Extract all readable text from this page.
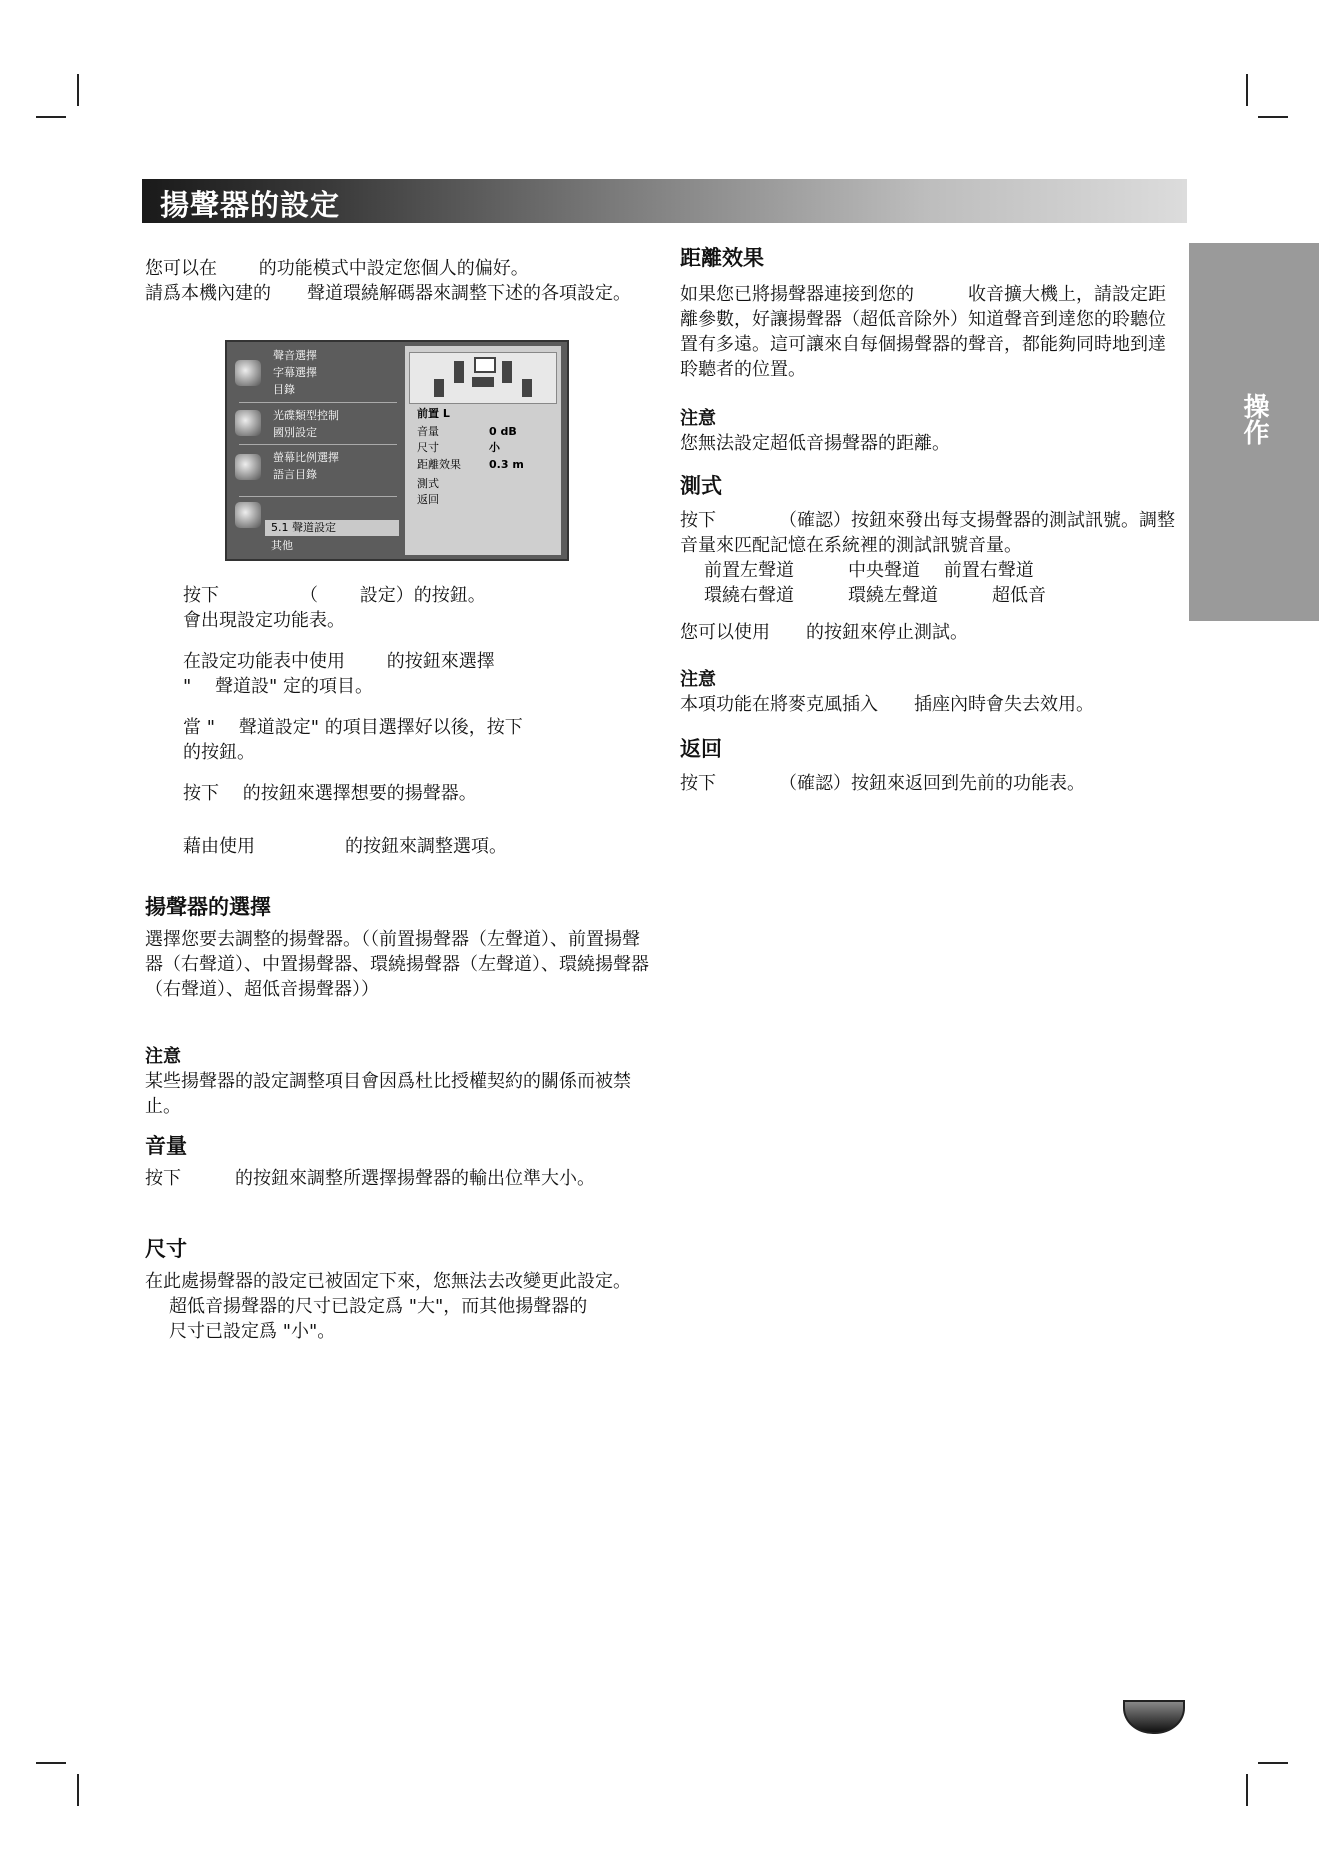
揚聲器的設定
操作

您可以在　　 的功能模式中設定您個人的偏好。

請爲本機內建的　　聲道環繞解碼器來調整下述的各項設定。

聲音選擇
字幕選擇
目錄
光碟類型控制
國別設定
螢幕比例選擇
語言目錄
5.1 聲道設定
其他
前置 L
音量	0 dB
尺寸	小
距離效果	0.3 m
測式
返回

按下　　　　　（　　 設定）的按鈕。

會出現設定功能表。

在設定功能表中使用　　 的按鈕來選擇

"　 聲道設" 定的項目。

當 "　 聲道設定" 的項目選擇好以後，按下

的按鈕。

按下　 的按鈕來選擇想要的揚聲器。

藉由使用　　　　　的按鈕來調整選項。

揚聲器的選擇

選擇您要去調整的揚聲器。（（前置揚聲器（左聲道）、前置揚聲器（右聲道）、中置揚聲器、環繞揚聲器（左聲道）、環繞揚聲器（右聲道）、超低音揚聲器））

注意

某些揚聲器的設定調整項目會因爲杜比授權契約的關係而被禁止。

音量

按下　　　的按鈕來調整所選擇揚聲器的輸出位準大小。

尺寸

在此處揚聲器的設定已被固定下來，您無法去改變更此設定。

超低音揚聲器的尺寸已設定爲 "大"，而其他揚聲器的

尺寸已設定爲 "小"。

距離效果

如果您已將揚聲器連接到您的　　　收音擴大機上，請設定距離參數，好讓揚聲器（超低音除外）知道聲音到達您的聆聽位置有多遠。這可讓來自每個揚聲器的聲音，都能夠同時地到達聆聽者的位置。

注意

您無法設定超低音揚聲器的距離。

測式

按下　　　　（確認）按鈕來發出每支揚聲器的測試訊號。調整音量來匹配記憶在系統裡的測試訊號音量。

前置左聲道　　　中央聲道　 前置右聲道

環繞右聲道　　　環繞左聲道　　　超低音

您可以使用　　的按鈕來停止測試。

注意

本項功能在將麥克風插入　　插座內時會失去效用。

返回

按下　　　　（確認）按鈕來返回到先前的功能表。
